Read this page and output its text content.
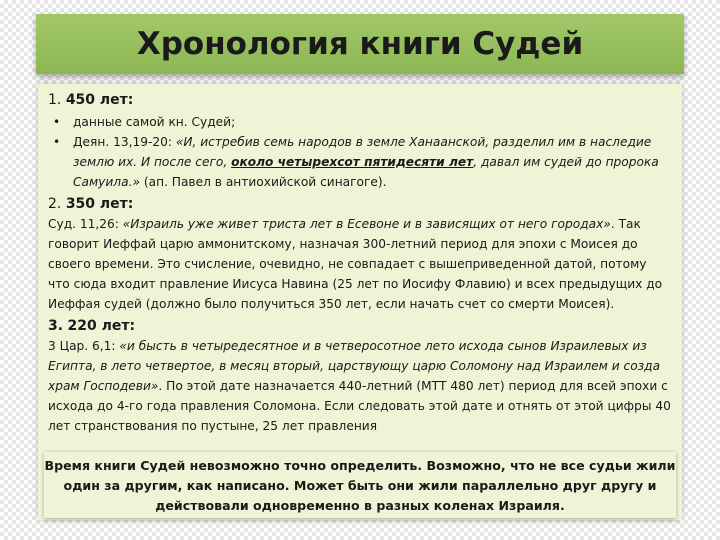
Хронология книги Судей
1. 450 лет:
• данные самой кн. Судей;
• Деян. 13,19-20: «И, истребив семь народов в земле Ханаанской, разделил им в наследие землю их. И после сего, около четырехсот пятидесяти лет, давал им судей до пророка Самуила.» (ап. Павел в антиохийской синагоге).
2. 350 лет:

Суд. 11,26: «Израиль уже живет триста лет в Есевоне и в зависящих от него городах». Так говорит Иеффай царю аммонитскому, назначая 300-летний период для эпохи с Моисея до своего времени. Это счисление, очевидно, не совпадает с вышеприведенной датой, потому что сюда входит правление Иисуса Навина (25 лет по Иосифу Флавию) и всех предыдущих до Иеффая судей (должно было получиться 350 лет, если начать счет со смерти Моисея).

3. 220 лет:

3 Цар. 6,1: «и бысть в четыредесятное и в четверосотное лето исхода сынов Израилевых из Египта, в лето четвертое, в месяц вторый, царствующу царю Соломону над Израилем и созда храм Господеви». По этой дате назначается 440-летний (МТТ 480 лет) период для всей эпохи с исхода до 4-го года правления Соломона. Если следовать этой дате и отнять от этой цифры 40 лет странствования по пустыне, 25 лет правления

Время книги Судей невозможно точно определить. Возможно, что не все судьи жили один за другим, как написано. Может быть они жили параллельно друг другу и действовали одновременно в разных коленах Израиля.
